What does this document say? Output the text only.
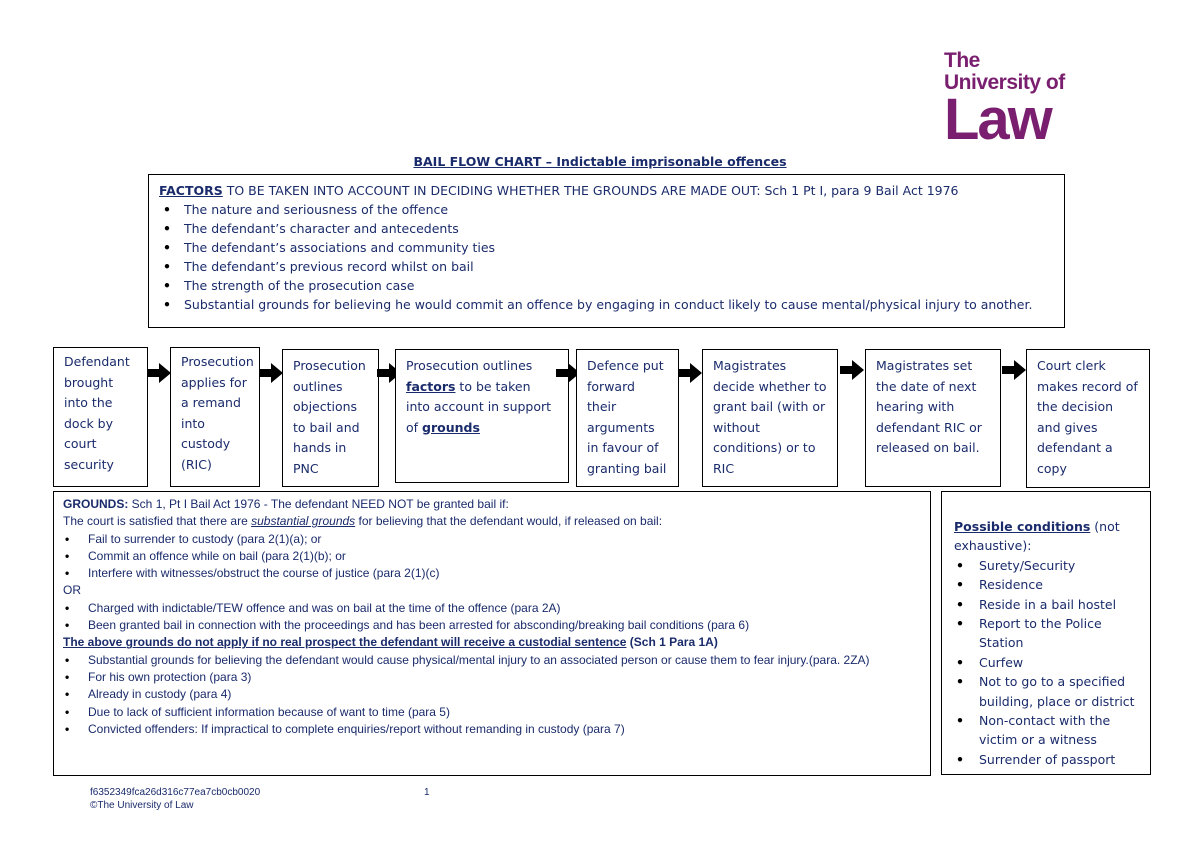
The
University of
Law
BAIL FLOW CHART – Indictable imprisonable offences
FACTORS TO BE TAKEN INTO ACCOUNT IN DECIDING WHETHER THE GROUNDS ARE MADE OUT: Sch 1 Pt I, para 9 Bail Act 1976
• The nature and seriousness of the offence
• The defendant’s character and antecedents
• The defendant’s associations and community ties
• The defendant’s previous record whilst on bail
• The strength of the prosecution case
• Substantial grounds for believing he would commit an offence by engaging in conduct likely to cause mental/physical injury to another.
Defendant brought into the dock by court security
Prosecution applies for a remand into custody (RIC)
Prosecution outlines objections to bail and hands in PNC
Prosecution outlines factors to be taken into account in support of grounds
Defence put forward their arguments in favour of granting bail
Magistrates decide whether to grant bail (with or without conditions) or to RIC
Magistrates set the date of next hearing with defendant RIC or released on bail.
Court clerk makes record of the decision and gives defendant a copy

GROUNDS: Sch 1, Pt I Bail Act 1976 - The defendant NEED NOT be granted bail if:

The court is satisfied that there are substantial grounds for believing that the defendant would, if released on bail:

• Fail to surrender to custody (para 2(1)(a); or
• Commit an offence while on bail (para 2(1)(b); or
• Interfere with witnesses/obstruct the course of justice (para 2(1)(c)

OR

• Charged with indictable/TEW offence and was on bail at the time of the offence (para 2A)
• Been granted bail in connection with the proceedings and has been arrested for absconding/breaking bail conditions (para 6)

The above grounds do not apply if no real prospect the defendant will receive a custodial sentence (Sch 1 Para 1A)

• Substantial grounds for believing the defendant would cause physical/mental injury to an associated person or cause them to fear injury.(para. 2ZA)
• For his own protection (para 3)
• Already in custody (para 4)
• Due to lack of sufficient information because of want to time (para 5)
• Convicted offenders: If impractical to complete enquiries/report without remanding in custody (para 7)
Possible conditions (not exhaustive):
• Surety/Security
• Residence
• Reside in a bail hostel
• Report to the Police Station
• Curfew
• Not to go to a specified building, place or district
• Non-contact with the victim or a witness
• Surrender of passport
f6352349fca26d316c77ea7cb0cb0020	1
©The University of Law
